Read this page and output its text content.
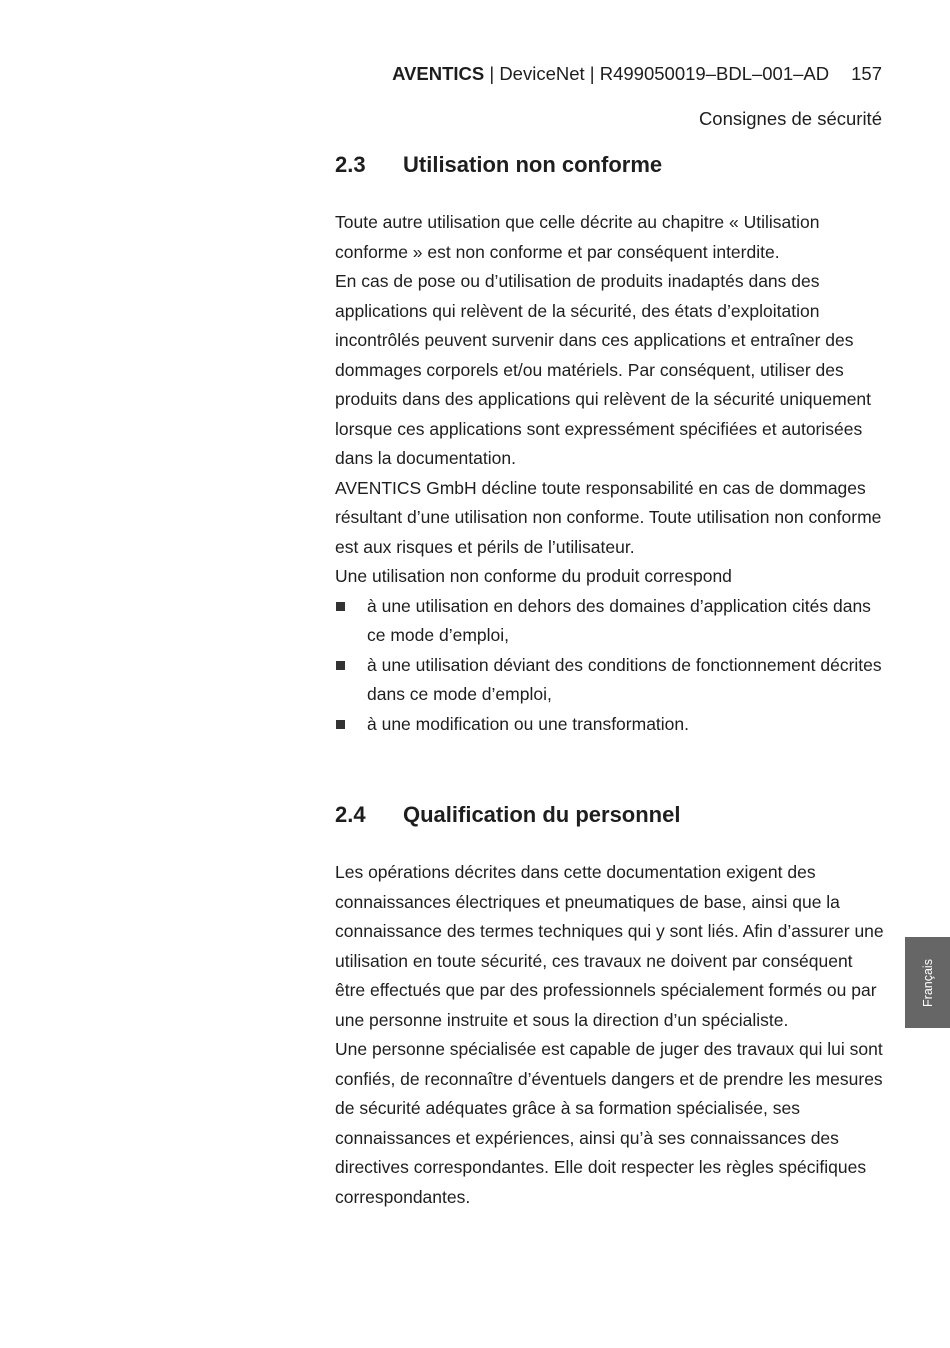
AVENTICS | DeviceNet | R499050019–BDL–001–AD 157
Consignes de sécurité
2.3 Utilisation non conforme

Toute autre utilisation que celle décrite au chapitre « Utilisation conforme » est non conforme et par conséquent interdite.

En cas de pose ou d’utilisation de produits inadaptés dans des applications qui relèvent de la sécurité, des états d’exploitation incontrôlés peuvent survenir dans ces applications et entraîner des dommages corporels et/ou matériels. Par conséquent, utiliser des produits dans des applications qui relèvent de la sécurité uniquement lorsque ces applications sont expressément spécifiées et autorisées dans la documentation.

AVENTICS GmbH décline toute responsabilité en cas de dommages résultant d’une utilisation non conforme. Toute utilisation non conforme est aux risques et périls de l’utilisateur.

Une utilisation non conforme du produit correspond

à une utilisation en dehors des domaines d’application cités dans ce mode d’emploi,
à une utilisation déviant des conditions de fonctionnement décrites dans ce mode d’emploi,
à une modification ou une transformation.
2.4 Qualification du personnel

Les opérations décrites dans cette documentation exigent des connaissances électriques et pneumatiques de base, ainsi que la connaissance des termes techniques qui y sont liés. Afin d’assurer une utilisation en toute sécurité, ces travaux ne doivent par conséquent être effectués que par des professionnels spécialement formés ou par une personne instruite et sous la direction d’un spécialiste.

Une personne spécialisée est capable de juger des travaux qui lui sont confiés, de reconnaître d’éventuels dangers et de prendre les mesures de sécurité adéquates grâce à sa formation spécialisée, ses connaissances et expériences, ainsi qu’à ses connaissances des directives correspondantes. Elle doit respecter les règles spécifiques correspondantes.

Français
